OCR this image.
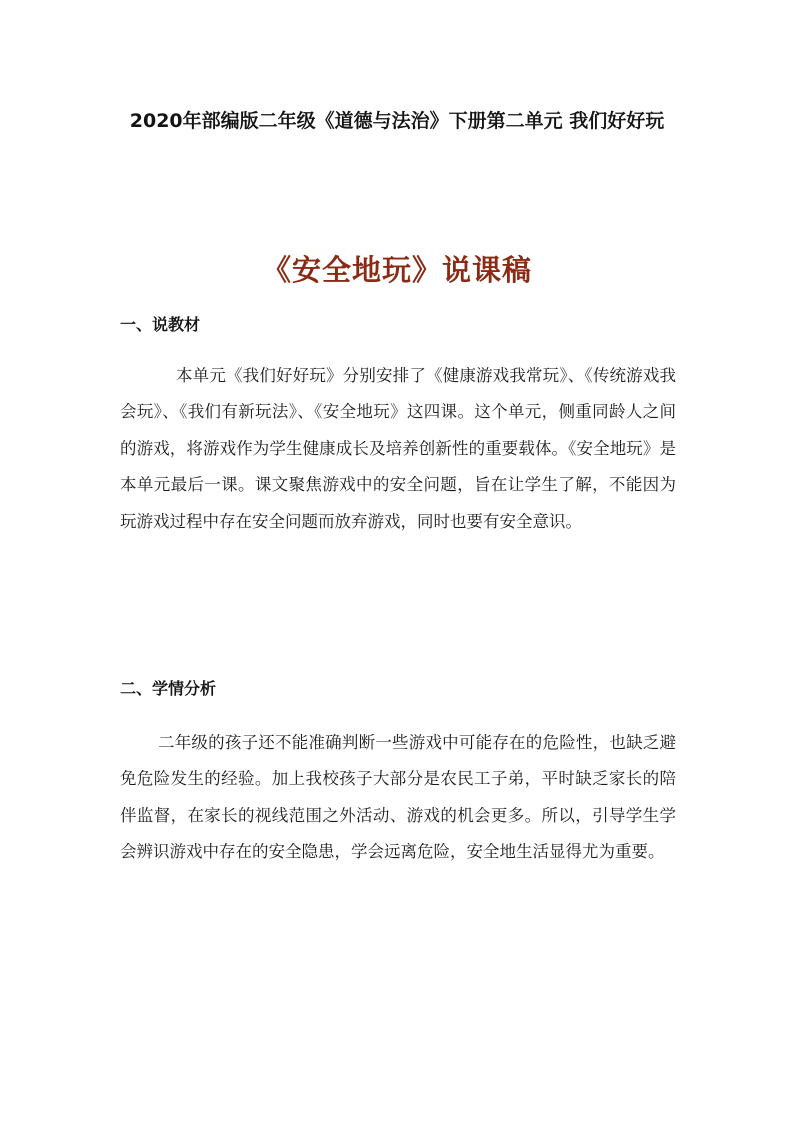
2020年部编版二年级《道德与法治》下册第二单元 我们好好玩
《安全地玩》说课稿
一、说教材
本单元《我们好好玩》分别安排了《健康游戏我常玩》、《传统游戏我会玩》、《我们有新玩法》、《安全地玩》这四课。这个单元，侧重同龄人之间的游戏，将游戏作为学生健康成长及培养创新性的重要载体。《安全地玩》是本单元最后一课。课文聚焦游戏中的安全问题，旨在让学生了解，不能因为玩游戏过程中存在安全问题而放弃游戏，同时也要有安全意识。
二、学情分析
二年级的孩子还不能准确判断一些游戏中可能存在的危险性，也缺乏避免危险发生的经验。加上我校孩子大部分是农民工子弟，平时缺乏家长的陪伴监督，在家长的视线范围之外活动、游戏的机会更多。所以，引导学生学会辨识游戏中存在的安全隐患，学会远离危险，安全地生活显得尤为重要。
